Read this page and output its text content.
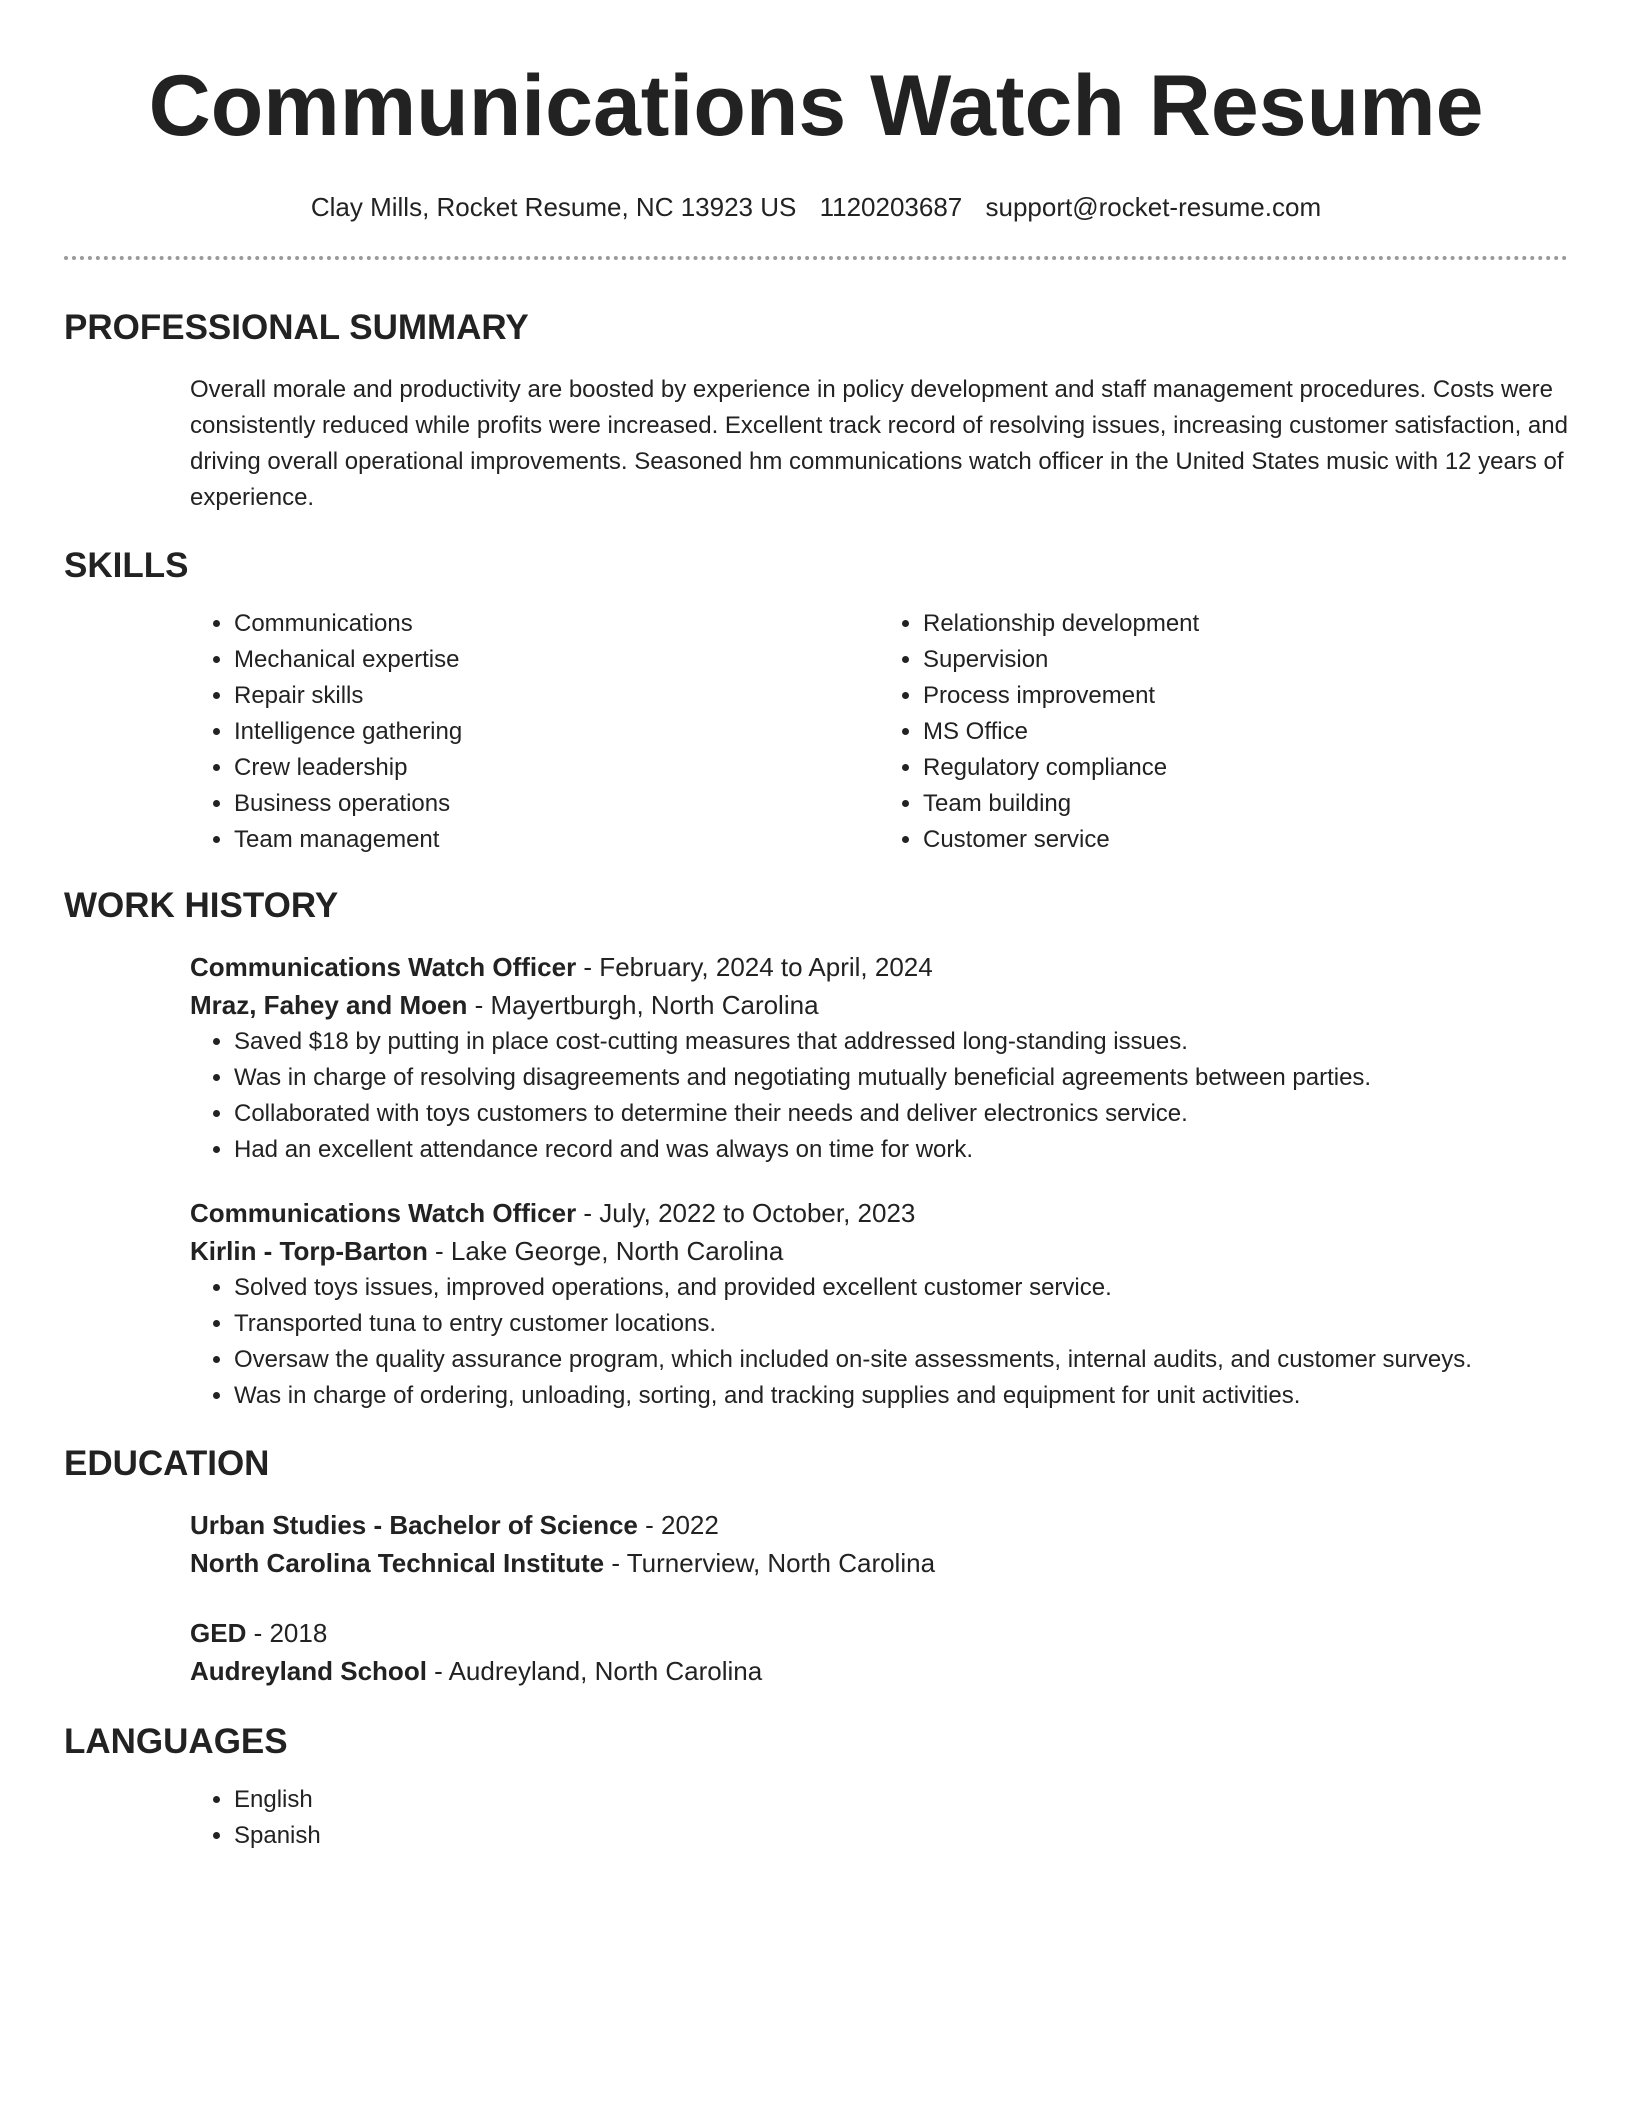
Communications Watch Resume
Clay Mills, Rocket Resume, NC 13923 US 1120203687 support@rocket-resume.com
PROFESSIONAL SUMMARY
Overall morale and productivity are boosted by experience in policy development and staff management procedures. Costs were consistently reduced while profits were increased. Excellent track record of resolving issues, increasing customer satisfaction, and driving overall operational improvements. Seasoned hm communications watch officer in the United States music with 12 years of experience.
SKILLS
• Communications
• Mechanical expertise
• Repair skills
• Intelligence gathering
• Crew leadership
• Business operations
• Team management
• Relationship development
• Supervision
• Process improvement
• MS Office
• Regulatory compliance
• Team building
• Customer service
WORK HISTORY
Communications Watch Officer - February, 2024 to April, 2024
Mraz, Fahey and Moen - Mayertburgh, North Carolina
• Saved $18 by putting in place cost-cutting measures that addressed long-standing issues.
• Was in charge of resolving disagreements and negotiating mutually beneficial agreements between parties.
• Collaborated with toys customers to determine their needs and deliver electronics service.
• Had an excellent attendance record and was always on time for work.
Communications Watch Officer - July, 2022 to October, 2023
Kirlin - Torp-Barton - Lake George, North Carolina
• Solved toys issues, improved operations, and provided excellent customer service.
• Transported tuna to entry customer locations.
• Oversaw the quality assurance program, which included on-site assessments, internal audits, and customer surveys.
• Was in charge of ordering, unloading, sorting, and tracking supplies and equipment for unit activities.
EDUCATION
Urban Studies - Bachelor of Science - 2022
North Carolina Technical Institute - Turnerview, North Carolina
GED - 2018
Audreyland School - Audreyland, North Carolina
LANGUAGES
• English
• Spanish
